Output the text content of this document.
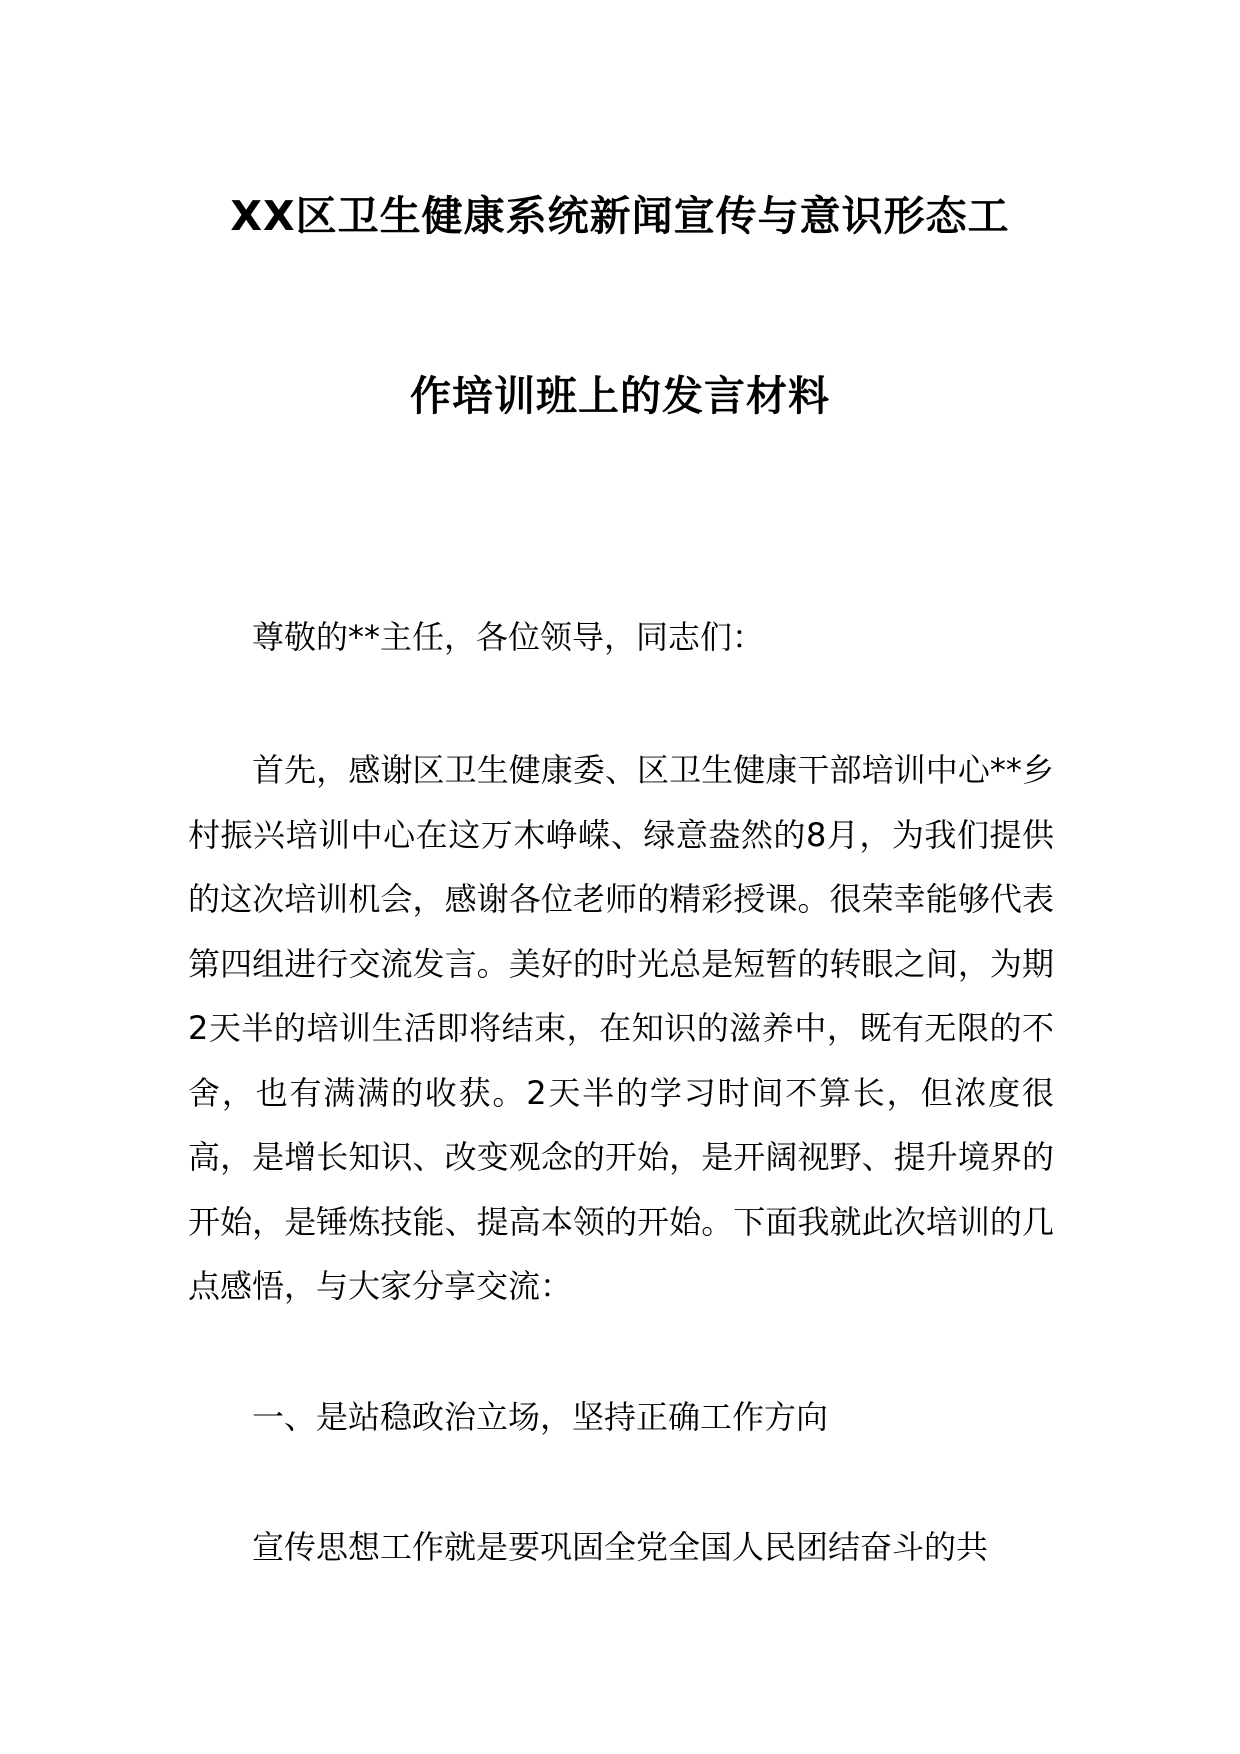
XX区卫生健康系统新闻宣传与意识形态工
作培训班上的发言材料
尊敬的**主任，各位领导，同志们：
首先，感谢区卫生健康委、区卫生健康干部培训中心**乡村振兴培训中心在这万木峥嵘、绿意盎然的8月，为我们提供的这次培训机会，感谢各位老师的精彩授课。很荣幸能够代表第四组进行交流发言。美好的时光总是短暂的转眼之间，为期2天半的培训生活即将结束，在知识的滋养中，既有无限的不舍，也有满满的收获。2天半的学习时间不算长，但浓度很高，是增长知识、改变观念的开始，是开阔视野、提升境界的开始，是锤炼技能、提高本领的开始。下面我就此次培训的几点感悟，与大家分享交流：
一、是站稳政治立场，坚持正确工作方向
宣传思想工作就是要巩固全党全国人民团结奋斗的共
